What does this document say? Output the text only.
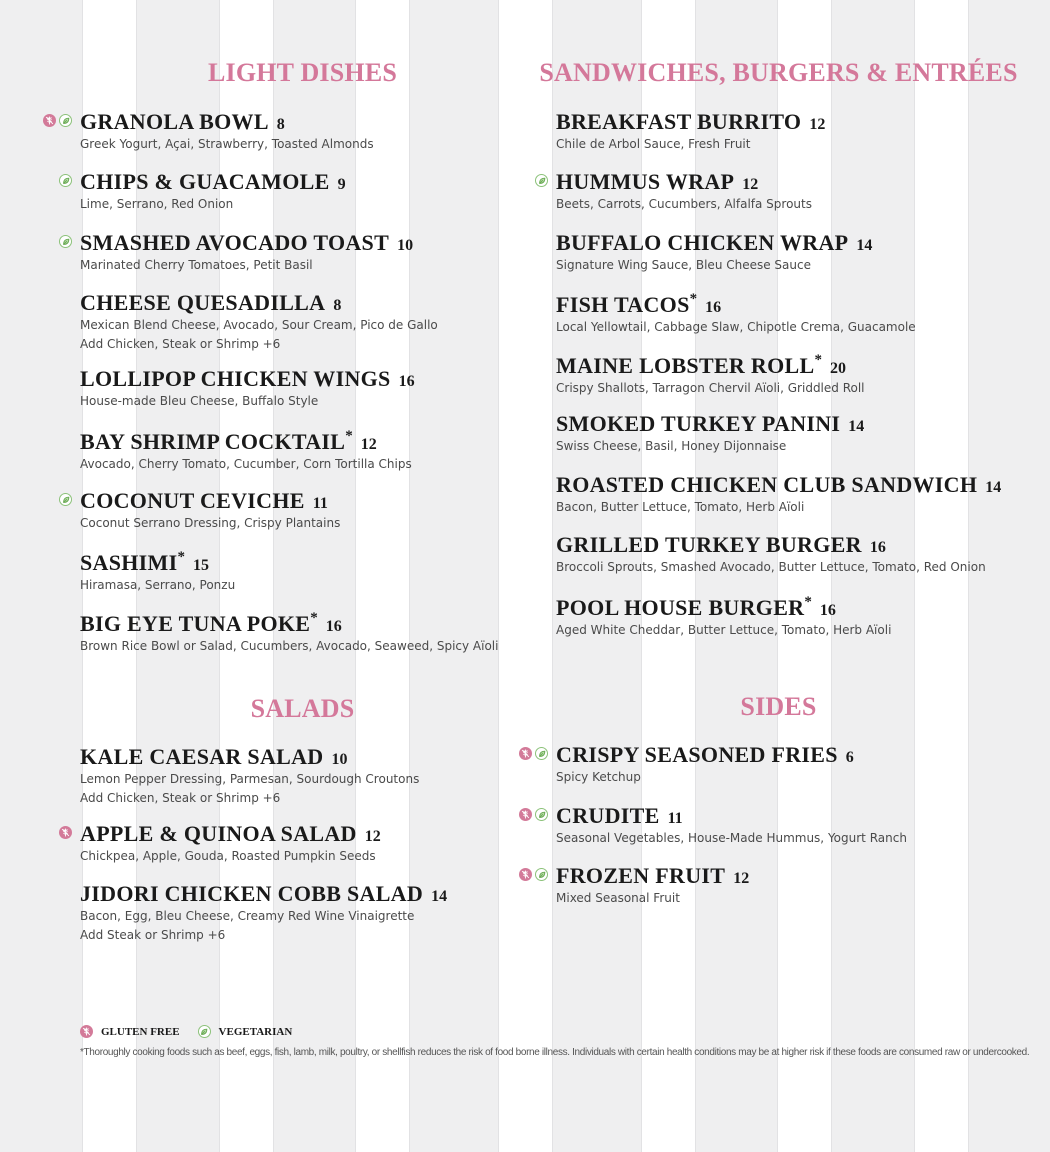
LIGHT DISHES
GRANOLA BOWL 8
Greek Yogurt, Açai, Strawberry, Toasted Almonds
CHIPS & GUACAMOLE 9
Lime, Serrano, Red Onion
SMASHED AVOCADO TOAST 10
Marinated Cherry Tomatoes, Petit Basil
CHEESE QUESADILLA 8
Mexican Blend Cheese, Avocado, Sour Cream, Pico de Gallo
Add Chicken, Steak or Shrimp +6
LOLLIPOP CHICKEN WINGS 16
House-made Bleu Cheese, Buffalo Style
BAY SHRIMP COCKTAIL* 12
Avocado, Cherry Tomato, Cucumber, Corn Tortilla Chips
COCONUT CEVICHE 11
Coconut Serrano Dressing, Crispy Plantains
SASHIMI* 15
Hiramasa, Serrano, Ponzu
BIG EYE TUNA POKE* 16
Brown Rice Bowl or Salad, Cucumbers, Avocado, Seaweed, Spicy Aïoli
SALADS
KALE CAESAR SALAD 10
Lemon Pepper Dressing, Parmesan, Sourdough Croutons
Add Chicken, Steak or Shrimp +6
APPLE & QUINOA SALAD 12
Chickpea, Apple, Gouda, Roasted Pumpkin Seeds
JIDORI CHICKEN COBB SALAD 14
Bacon, Egg, Bleu Cheese, Creamy Red Wine Vinaigrette
Add Steak or Shrimp +6
SANDWICHES, BURGERS & ENTRÉES
BREAKFAST BURRITO 12
Chile de Arbol Sauce, Fresh Fruit
HUMMUS WRAP 12
Beets, Carrots, Cucumbers, Alfalfa Sprouts
BUFFALO CHICKEN WRAP 14
Signature Wing Sauce, Bleu Cheese Sauce
FISH TACOS* 16
Local Yellowtail, Cabbage Slaw, Chipotle Crema, Guacamole
MAINE LOBSTER ROLL* 20
Crispy Shallots, Tarragon Chervil Aïoli, Griddled Roll
SMOKED TURKEY PANINI 14
Swiss Cheese, Basil, Honey Dijonnaise
ROASTED CHICKEN CLUB SANDWICH 14
Bacon, Butter Lettuce, Tomato, Herb Aïoli
GRILLED TURKEY BURGER 16
Broccoli Sprouts, Smashed Avocado, Butter Lettuce, Tomato, Red Onion
POOL HOUSE BURGER* 16
Aged White Cheddar, Butter Lettuce, Tomato, Herb Aïoli
SIDES
CRISPY SEASONED FRIES 6
Spicy Ketchup
CRUDITE 11
Seasonal Vegetables, House-Made Hummus, Yogurt Ranch
FROZEN FRUIT 12
Mixed Seasonal Fruit
GLUTEN FREE	VEGETARIAN
*Thoroughly cooking foods such as beef, eggs, fish, lamb, milk, poultry, or shellfish reduces the risk of food borne illness. Individuals with certain health conditions may be at higher risk if these foods are consumed raw or undercooked.
